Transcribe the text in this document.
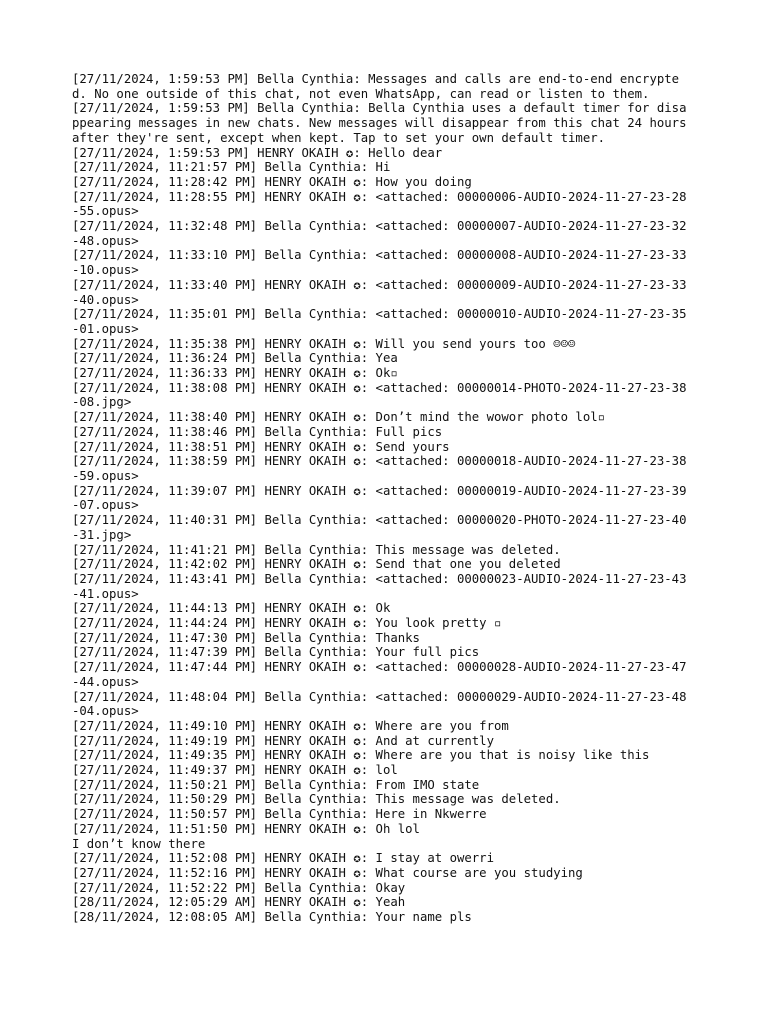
[27/11/2024, 1:59:53 PM] Bella Cynthia: Messages and calls are end-to-end encrypted. No one outside of this chat, not even WhatsApp, can read or listen to them.

[27/11/2024, 1:59:53 PM] Bella Cynthia: Bella Cynthia uses a default timer for disappearing messages in new chats. New messages will disappear from this chat 24 hours after they're sent, except when kept. Tap to set your own default timer.

[27/11/2024, 1:59:53 PM] HENRY OKAIH ✪: Hello dear

[27/11/2024, 11:21:57 PM] Bella Cynthia: Hi

[27/11/2024, 11:28:42 PM] HENRY OKAIH ✪: How you doing

[27/11/2024, 11:28:55 PM] HENRY OKAIH ✪: <attached: 00000006-AUDIO-2024-11-27-23-28-55.opus>

[27/11/2024, 11:32:48 PM] Bella Cynthia: <attached: 00000007-AUDIO-2024-11-27-23-32-48.opus>

[27/11/2024, 11:33:10 PM] Bella Cynthia: <attached: 00000008-AUDIO-2024-11-27-23-33-10.opus>

[27/11/2024, 11:33:40 PM] HENRY OKAIH ✪: <attached: 00000009-AUDIO-2024-11-27-23-33-40.opus>

[27/11/2024, 11:35:01 PM] Bella Cynthia: <attached: 00000010-AUDIO-2024-11-27-23-35-01.opus>

[27/11/2024, 11:35:38 PM] HENRY OKAIH ✪: Will you send yours too ☺☺☺

[27/11/2024, 11:36:24 PM] Bella Cynthia: Yea

[27/11/2024, 11:36:33 PM] HENRY OKAIH ✪: Ok▫

[27/11/2024, 11:38:08 PM] HENRY OKAIH ✪: <attached: 00000014-PHOTO-2024-11-27-23-38-08.jpg>

[27/11/2024, 11:38:40 PM] HENRY OKAIH ✪: Don’t mind the wowor photo lol▫

[27/11/2024, 11:38:46 PM] Bella Cynthia: Full pics

[27/11/2024, 11:38:51 PM] HENRY OKAIH ✪: Send yours

[27/11/2024, 11:38:59 PM] HENRY OKAIH ✪: <attached: 00000018-AUDIO-2024-11-27-23-38-59.opus>

[27/11/2024, 11:39:07 PM] HENRY OKAIH ✪: <attached: 00000019-AUDIO-2024-11-27-23-39-07.opus>

[27/11/2024, 11:40:31 PM] Bella Cynthia: <attached: 00000020-PHOTO-2024-11-27-23-40-31.jpg>

[27/11/2024, 11:41:21 PM] Bella Cynthia: This message was deleted.

[27/11/2024, 11:42:02 PM] HENRY OKAIH ✪: Send that one you deleted

[27/11/2024, 11:43:41 PM] Bella Cynthia: <attached: 00000023-AUDIO-2024-11-27-23-43-41.opus>

[27/11/2024, 11:44:13 PM] HENRY OKAIH ✪: Ok

[27/11/2024, 11:44:24 PM] HENRY OKAIH ✪: You look pretty ▫

[27/11/2024, 11:47:30 PM] Bella Cynthia: Thanks

[27/11/2024, 11:47:39 PM] Bella Cynthia: Your full pics

[27/11/2024, 11:47:44 PM] HENRY OKAIH ✪: <attached: 00000028-AUDIO-2024-11-27-23-47-44.opus>

[27/11/2024, 11:48:04 PM] Bella Cynthia: <attached: 00000029-AUDIO-2024-11-27-23-48-04.opus>

[27/11/2024, 11:49:10 PM] HENRY OKAIH ✪: Where are you from

[27/11/2024, 11:49:19 PM] HENRY OKAIH ✪: And at currently

[27/11/2024, 11:49:35 PM] HENRY OKAIH ✪: Where are you that is noisy like this

[27/11/2024, 11:49:37 PM] HENRY OKAIH ✪: lol

[27/11/2024, 11:50:21 PM] Bella Cynthia: From IMO state

[27/11/2024, 11:50:29 PM] Bella Cynthia: This message was deleted.

[27/11/2024, 11:50:57 PM] Bella Cynthia: Here in Nkwerre

[27/11/2024, 11:51:50 PM] HENRY OKAIH ✪: Oh lol
I don’t know there

[27/11/2024, 11:52:08 PM] HENRY OKAIH ✪: I stay at owerri

[27/11/2024, 11:52:16 PM] HENRY OKAIH ✪: What course are you studying

[27/11/2024, 11:52:22 PM] Bella Cynthia: Okay

[28/11/2024, 12:05:29 AM] HENRY OKAIH ✪: Yeah

[28/11/2024, 12:08:05 AM] Bella Cynthia: Your name pls
